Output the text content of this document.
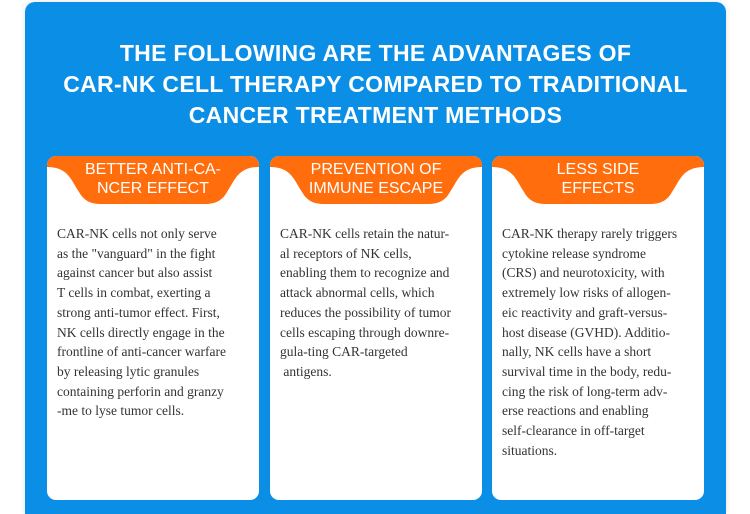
THE FOLLOWING ARE THE ADVANTAGES OF
CAR-NK CELL THERAPY COMPARED TO TRADITIONAL
CANCER TREATMENT METHODS
BETTER ANTI-CA-
NCER EFFECT
CAR-NK cells not only serve
as the "vanguard" in the fight
against cancer but also assist
T cells in combat, exerting a
strong anti-tumor effect. First,
NK cells directly engage in the
frontline of anti-cancer warfare
by releasing lytic granules
containing perforin and granzy
-me to lyse tumor cells.
PREVENTION OF
IMMUNE ESCAPE
CAR-NK cells retain the natur-
al receptors of NK cells,
enabling them to recognize and
attack abnormal cells, which
reduces the possibility of tumor
cells escaping through downre-
gula-ting CAR-targeted
antigens.
LESS SIDE
EFFECTS
CAR-NK therapy rarely triggers
cytokine release syndrome
(CRS) and neurotoxicity, with
extremely low risks of allogen-
eic reactivity and graft-versus-
host disease (GVHD). Additio-
nally, NK cells have a short
survival time in the body, redu-
cing the risk of long-term adv-
erse reactions and enabling
self-clearance in off-target
situations.
